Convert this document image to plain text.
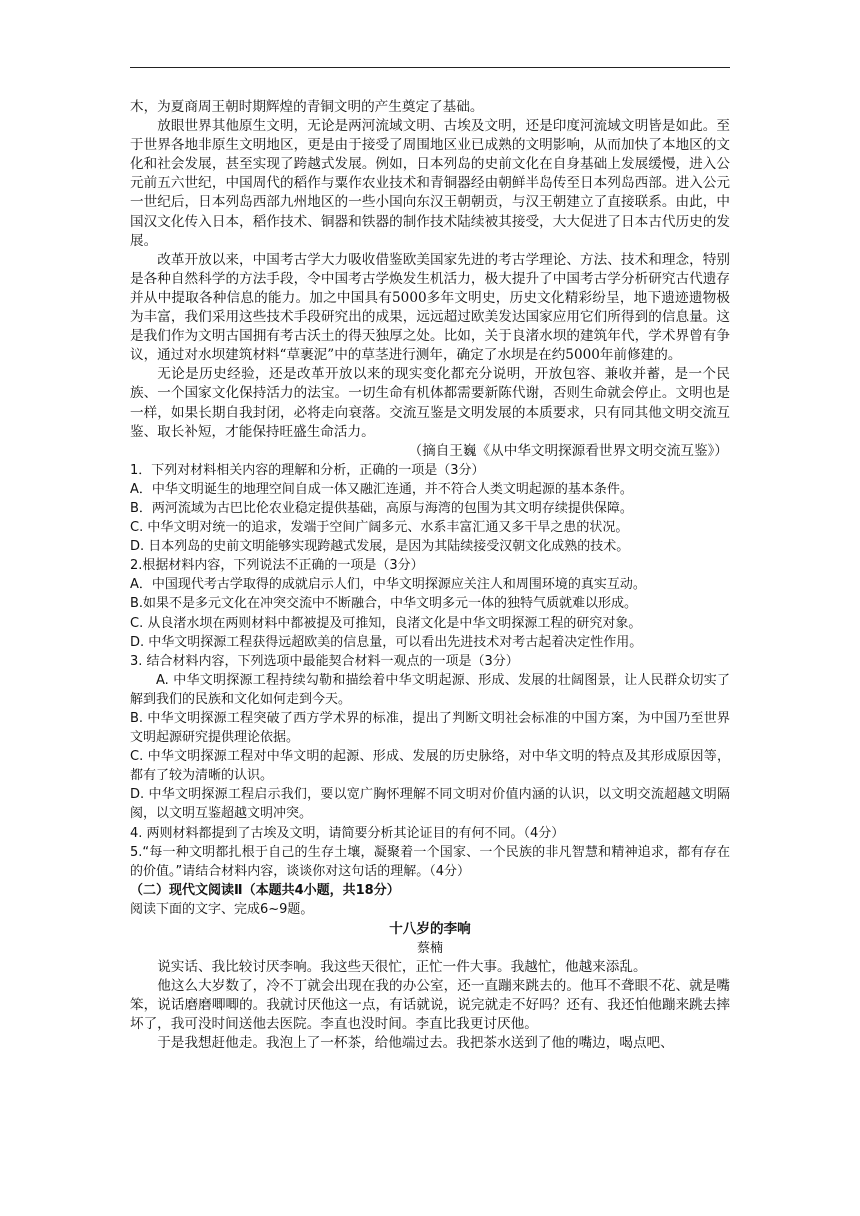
木，为夏商周王朝时期辉煌的青铜文明的产生奠定了基础。

放眼世界其他原生文明，无论是两河流域文明、古埃及文明，还是印度河流域文明皆是如此。至于世界各地非原生文明地区，更是由于接受了周围地区业已成熟的文明影响，从而加快了本地区的文化和社会发展，甚至实现了跨越式发展。例如，日本列岛的史前文化在自身基础上发展缓慢，进入公元前五六世纪，中国周代的稻作与粟作农业技术和青铜器经由朝鲜半岛传至日本列岛西部。进入公元一世纪后，日本列岛西部九州地区的一些小国向东汉王朝朝贡，与汉王朝建立了直接联系。由此，中国汉文化传入日本，稻作技术、铜器和铁器的制作技术陆续被其接受，大大促进了日本古代历史的发展。

改革开放以来，中国考古学大力吸收借鉴欧美国家先进的考古学理论、方法、技术和理念，特别是各种自然科学的方法手段，令中国考古学焕发生机活力，极大提升了中国考古学分析研究古代遗存并从中提取各种信息的能力。加之中国具有5000多年文明史，历史文化精彩纷呈，地下遗迹遗物极为丰富，我们采用这些技术手段研究出的成果，远远超过欧美发达国家应用它们所得到的信息量。这是我们作为文明古国拥有考古沃土的得天独厚之处。比如，关于良渚水坝的建筑年代，学术界曾有争议，通过对水坝建筑材料“草裹泥”中的草茎进行测年，确定了水坝是在约5000年前修建的。

无论是历史经验，还是改革开放以来的现实变化都充分说明，开放包容、兼收并蓄，是一个民族、一个国家文化保持活力的法宝。一切生命有机体都需要新陈代谢，否则生命就会停止。文明也是一样，如果长期自我封闭，必将走向衰落。交流互鉴是文明发展的本质要求，只有同其他文明交流互鉴、取长补短，才能保持旺盛生命活力。

（摘自王巍《从中华文明探源看世界文明交流互鉴》）

1．下列对材料相关内容的理解和分析，正确的一项是（3分）

A．中华文明诞生的地理空间自成一体又融汇连通，并不符合人类文明起源的基本条件。

B．两河流域为古巴比伦农业稳定提供基础，高原与海湾的包围为其文明存续提供保障。

C. 中华文明对统一的追求，发端于空间广阔多元、水系丰富汇通又多干旱之患的状况。

D. 日本列岛的史前文明能够实现跨越式发展，是因为其陆续接受汉朝文化成熟的技术。

2.根据材料内容，下列说法不正确的一项是（3分）

A．中国现代考古学取得的成就启示人们，中华文明探源应关注人和周围环境的真实互动。

B.如果不是多元文化在冲突交流中不断融合，中华文明多元一体的独特气质就难以形成。

C. 从良渚水坝在两则材料中都被提及可推知，良渚文化是中华文明探源工程的研究对象。

D. 中华文明探源工程获得远超欧美的信息量，可以看出先进技术对考古起着决定性作用。

3. 结合材料内容，下列选项中最能契合材料一观点的一项是（3分）

A. 中华文明探源工程持续勾勒和描绘着中华文明起源、形成、发展的壮阔图景，让人民群众切实了解到我们的民族和文化如何走到今天。

B. 中华文明探源工程突破了西方学术界的标准，提出了判断文明社会标准的中国方案，为中国乃至世界文明起源研究提供理论依据。

C. 中华文明探源工程对中华文明的起源、形成、发展的历史脉络，对中华文明的特点及其形成原因等，都有了较为清晰的认识。

D. 中华文明探源工程启示我们，要以宽广胸怀理解不同文明对价值内涵的认识，以文明交流超越文明隔阂，以文明互鉴超越文明冲突。

4. 两则材料都提到了古埃及文明，请简要分析其论证目的有何不同。（4分）

5.“每一种文明都扎根于自己的生存土壤，凝聚着一个国家、一个民族的非凡智慧和精神追求，都有存在的价值。”请结合材料内容，谈谈你对这句话的理解。（4分）

（二）现代文阅读Ⅱ（本题共4小题，共18分）

阅读下面的文字、完成6~9题。

十八岁的李响

蔡楠

说实话、我比较讨厌李响。我这些天很忙，正忙一件大事。我越忙，他越来添乱。

他这么大岁数了，冷不丁就会出现在我的办公室，还一直蹦来跳去的。他耳不聋眼不花、就是嘴笨，说话磨磨唧唧的。我就讨厌他这一点，有话就说，说完就走不好吗？还有、我还怕他蹦来跳去摔坏了，我可没时间送他去医院。李直也没时间。李直比我更讨厌他。

于是我想赶他走。我泡上了一杯茶，给他端过去。我把茶水送到了他的嘴边，喝点吧、
